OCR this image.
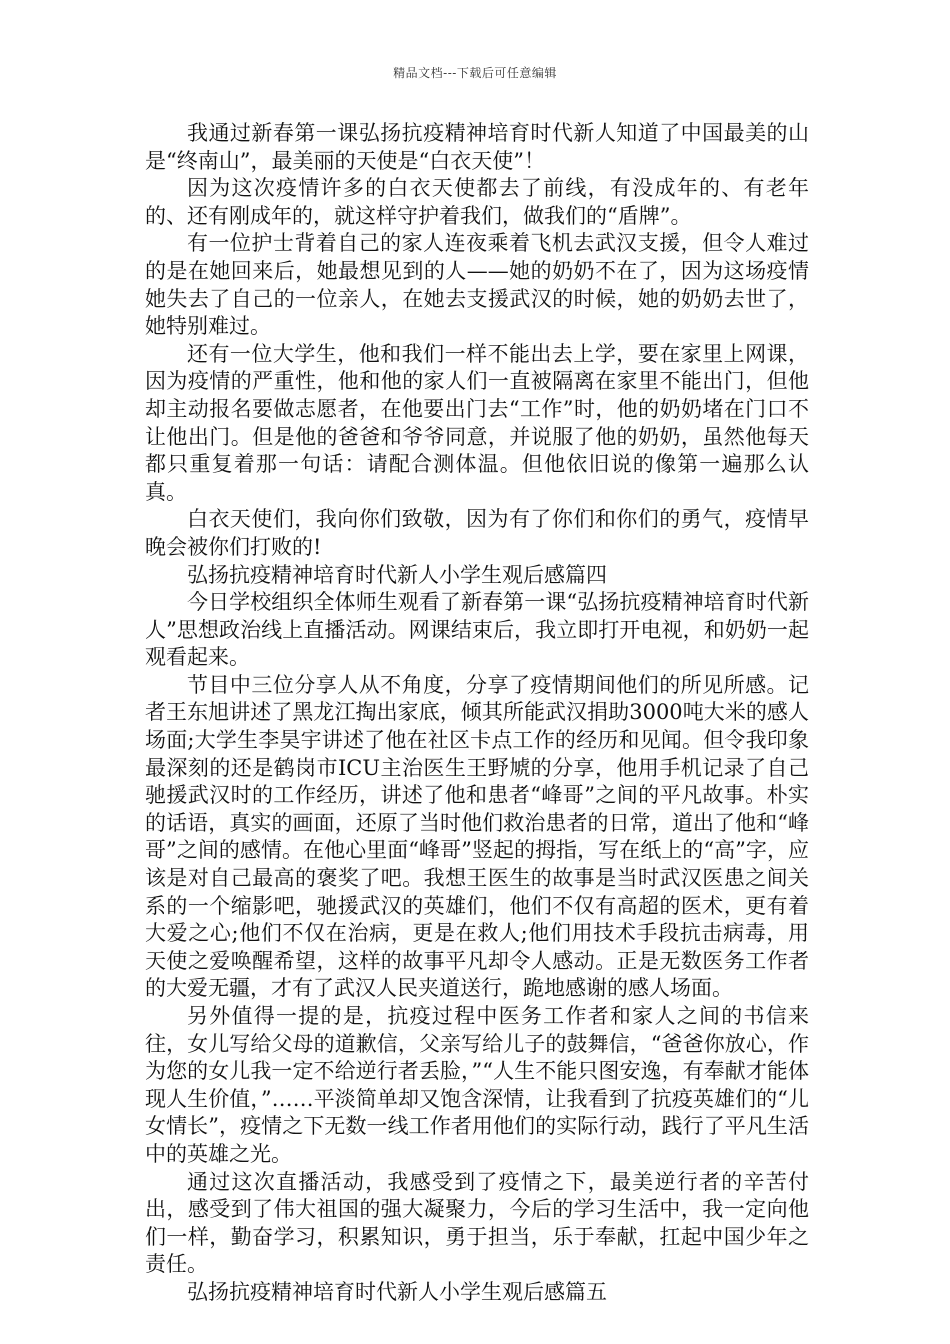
精品文档---下载后可任意编辑

我通过新春第一课弘扬抗疫精神培育时代新人知道了中国最美的山是“终南山”，最美丽的天使是“白衣天使”！

因为这次疫情许多的白衣天使都去了前线，有没成年的、有老年的、还有刚成年的，就这样守护着我们，做我们的“盾牌”。

有一位护士背着自己的家人连夜乘着飞机去武汉支援，但令人难过的是在她回来后，她最想见到的人——她的奶奶不在了，因为这场疫情她失去了自己的一位亲人，在她去支援武汉的时候，她的奶奶去世了，她特别难过。

还有一位大学生，他和我们一样不能出去上学，要在家里上网课，因为疫情的严重性，他和他的家人们一直被隔离在家里不能出门，但他却主动报名要做志愿者，在他要出门去“工作”时，他的奶奶堵在门口不让他出门。但是他的爸爸和爷爷同意，并说服了他的奶奶，虽然他每天都只重复着那一句话：请配合测体温。但他依旧说的像第一遍那么认真。

白衣天使们，我向你们致敬，因为有了你们和你们的勇气，疫情早晚会被你们打败的!

弘扬抗疫精神培育时代新人小学生观后感篇四

今日学校组织全体师生观看了新春第一课“弘扬抗疫精神培育时代新人”思想政治线上直播活动。网课结束后，我立即打开电视，和奶奶一起观看起来。

节目中三位分享人从不角度，分享了疫情期间他们的所见所感。记者王东旭讲述了黑龙江掏出家底，倾其所能武汉捐助3000吨大米的感人场面;大学生李昊宇讲述了他在社区卡点工作的经历和见闻。但令我印象最深刻的还是鹤岗市ICU主治医生王野虓的分享，他用手机记录了自己驰援武汉时的工作经历，讲述了他和患者“峰哥”之间的平凡故事。朴实的话语，真实的画面，还原了当时他们救治患者的日常，道出了他和“峰哥”之间的感情。在他心里面“峰哥”竖起的拇指，写在纸上的“高”字，应该是对自己最高的褒奖了吧。我想王医生的故事是当时武汉医患之间关系的一个缩影吧，驰援武汉的英雄们，他们不仅有高超的医术，更有着大爱之心;他们不仅在治病，更是在救人;他们用技术手段抗击病毒，用天使之爱唤醒希望，这样的故事平凡却令人感动。正是无数医务工作者的大爱无疆，才有了武汉人民夹道送行，跪地感谢的感人场面。

另外值得一提的是，抗疫过程中医务工作者和家人之间的书信来往，女儿写给父母的道歉信，父亲写给儿子的鼓舞信，“爸爸你放心，作为您的女儿我一定不给逆行者丢脸，”“人生不能只图安逸，有奉献才能体现人生价值，”……平淡简单却又饱含深情，让我看到了抗疫英雄们的“儿女情长”，疫情之下无数一线工作者用他们的实际行动，践行了平凡生活中的英雄之光。

通过这次直播活动，我感受到了疫情之下，最美逆行者的辛苦付出，感受到了伟大祖国的强大凝聚力，今后的学习生活中，我一定向他们一样，勤奋学习，积累知识，勇于担当，乐于奉献，扛起中国少年之责任。

弘扬抗疫精神培育时代新人小学生观后感篇五
